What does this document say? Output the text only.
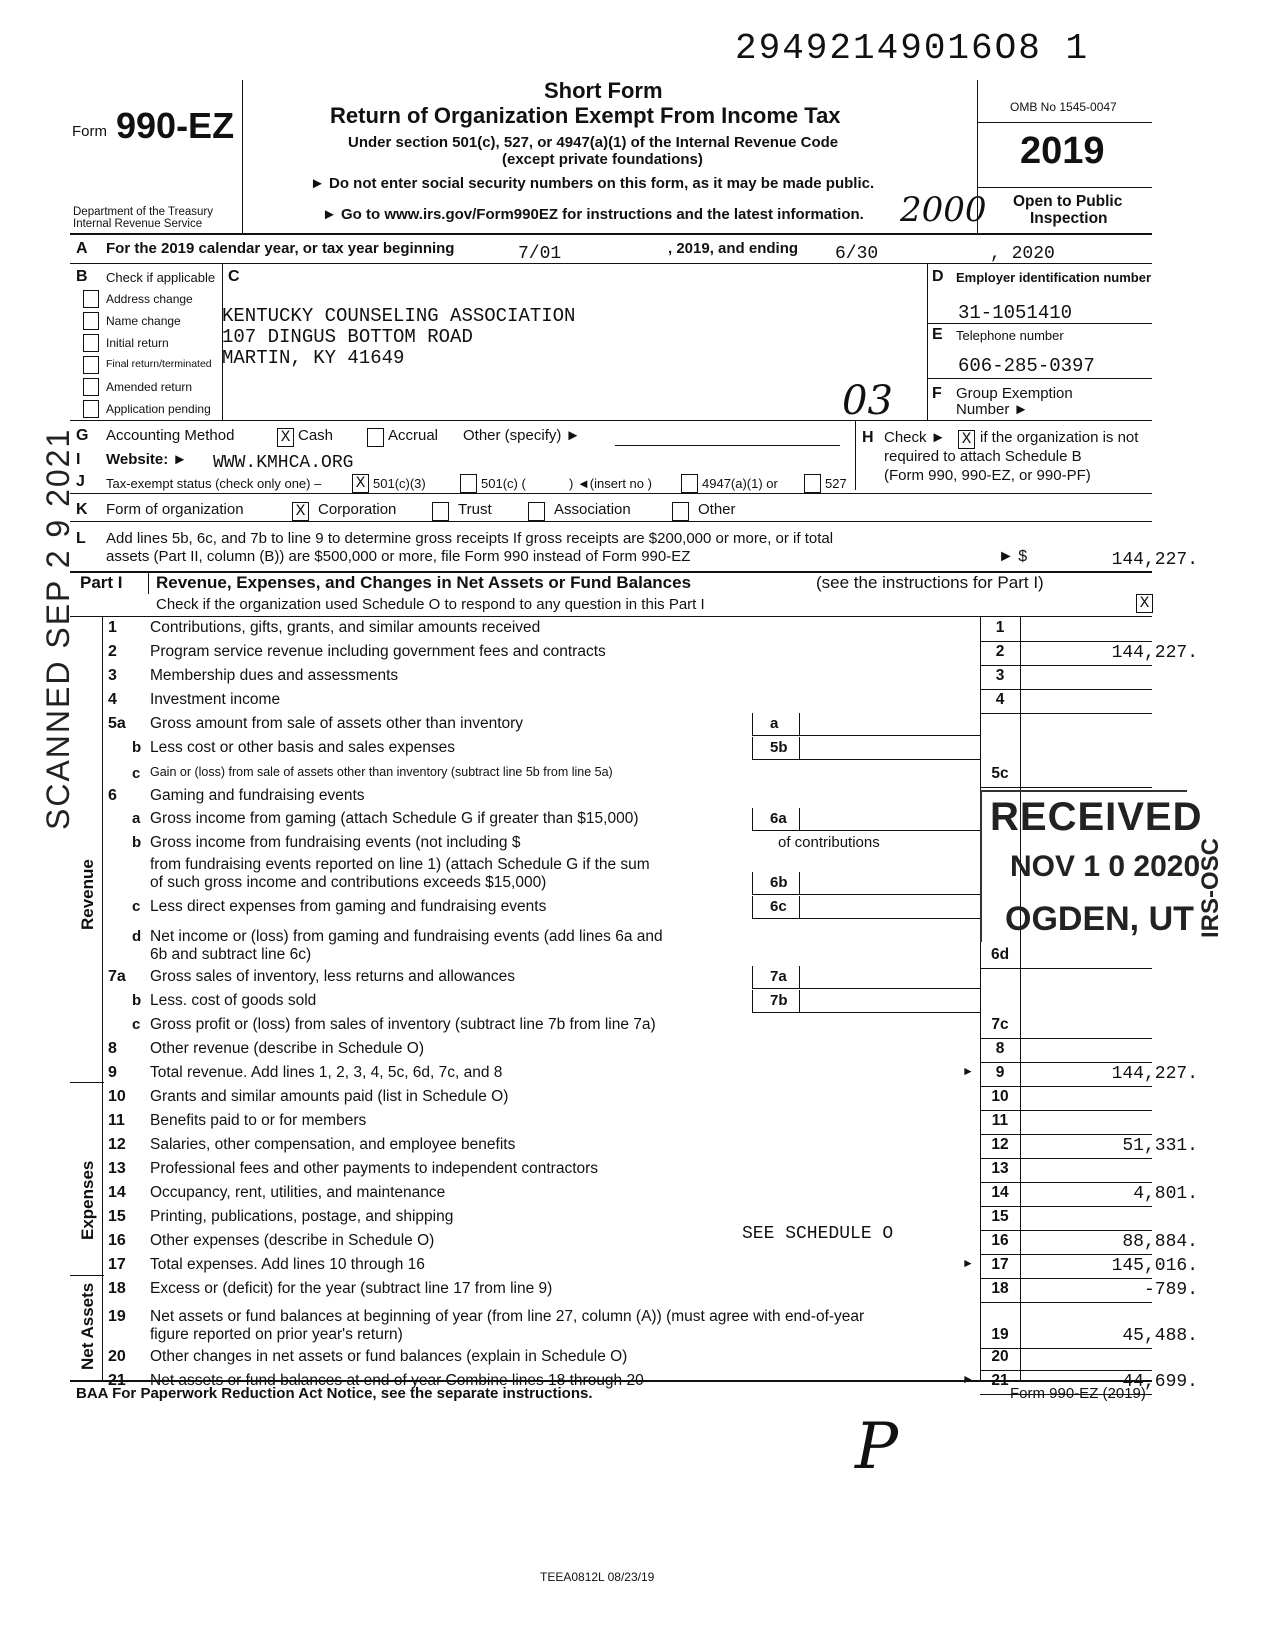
29492149016O8 1
Form 990-EZ
Department of the Treasury
Internal Revenue Service
Short Form
Return of Organization Exempt From Income Tax
Under section 501(c), 527, or 4947(a)(1) of the Internal Revenue Code
(except private foundations)
► Do not enter social security numbers on this form, as it may be made public.
► Go to www.irs.gov/Form990EZ for instructions and the latest information. 2000
OMB No 1545-0047
2019
Open to Public
Inspection
A For the 2019 calendar year, or tax year beginning	7/01	, 2019, and ending 6/30	, 2020
B Check if applicable
Address change
Name change
Initial return
Final return/terminated
Amended return
Application pending
C
KENTUCKY COUNSELING ASSOCIATION
107 DINGUS BOTTOM ROAD
MARTIN, KY 41649
03
D Employer identification number
31-1051410
E Telephone number
606-285-0397
F Group Exemption
Number ►
G Accounting Method	X Cash	Accrual Other (specify) ►	H Check ► X if the organization is not
required to attach Schedule B
(Form 990, 990-EZ, or 990-PF)
I Website: ► WWW.KMHCA.ORG
J Tax-exempt status (check only one) – X 501(c)(3)	501(c) (	) ◄(insert no )	4947(a)(1) or	527
K Form of organization	X Corporation	Trust	Association	Other
L Add lines 5b, 6c, and 7b to line 9 to determine gross receipts If gross receipts are $200,000 or more, or if total
assets (Part II, column (B)) are $500,000 or more, file Form 990 instead of Form 990-EZ	► $	144,227.
Part I Revenue, Expenses, and Changes in Net Assets or Fund Balances	(see the instructions for Part I)
Check if the organization used Schedule O to respond to any question in this Part I	X
Revenue
Expenses
Net Assets
1 Contributions, gifts, grants, and similar amounts received	1
2 Program service revenue including government fees and contracts	2	144,227.
3 Membership dues and assessments	3
4 Investment income	4
5a Gross amount from sale of assets other than inventory	a
b Less cost or other basis and sales expenses	5b
c Gain or (loss) from sale of assets other than inventory (subtract line 5b from line 5a)	5c
6 Gaming and fundraising events
a Gross income from gaming (attach Schedule G if greater than $15,000)	6a
b Gross income from fundraising events (not including $	of contributions
from fundraising events reported on line 1) (attach Schedule G if the sum
of such gross income and contributions exceeds $15,000)	6b
c Less direct expenses from gaming and fundraising events	6c
d Net income or (loss) from gaming and fundraising events (add lines 6a and
6b and subtract line 6c)	6d
7a Gross sales of inventory, less returns and allowances	7a
b Less. cost of goods sold	7b
c Gross profit or (loss) from sales of inventory (subtract line 7b from line 7a)	7c
8 Other revenue (describe in Schedule O)	8
9 Total revenue. Add lines 1, 2, 3, 4, 5c, 6d, 7c, and 8	9	144,227.
►
10 Grants and similar amounts paid (list in Schedule O)	10
11 Benefits paid to or for members	11
12 Salaries, other compensation, and employee benefits	12	51,331.
13 Professional fees and other payments to independent contractors	13
14 Occupancy, rent, utilities, and maintenance	14	4,801.
15 Printing, publications, postage, and shipping	15
16 Other expenses (describe in Schedule O)	SEE SCHEDULE O	16	88,884.
17 Total expenses. Add lines 10 through 16	17	145,016.
►
18 Excess or (deficit) for the year (subtract line 17 from line 9)	18	-789.
19 Net assets or fund balances at beginning of year (from line 27, column (A)) (must agree with end-of-year
figure reported on prior year's return)	19	45,488.
20 Other changes in net assets or fund balances (explain in Schedule O)	20
21 Net assets or fund balances at end of year Combine lines 18 through 20	21	44,699.
►
BAA For Paperwork Reduction Act Notice, see the separate instructions.	Form 990-EZ (2019)
P
TEEA0812L 08/23/19
RECEIVED
NOV 1 0 2020
OGDEN, UT IRS-OSC
SCANNED SEP 2 9 2021
